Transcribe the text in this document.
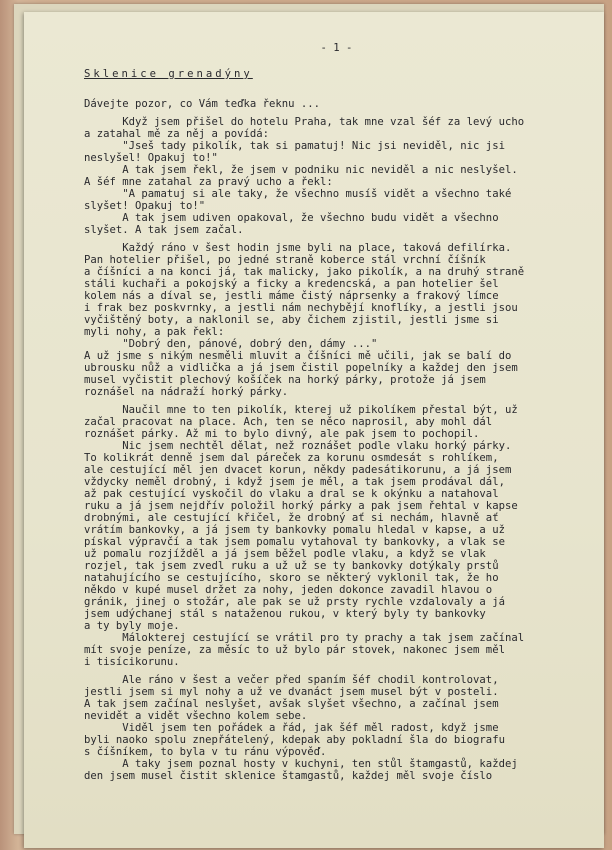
- 1 -
Sklenice grenadýny
Dávejte pozor, co Vám teďka řeknu ...
Když jsem přišel do hotelu Praha, tak mne vzal šéf za levý ucho
a zatahal mě za něj a povídá:
"Jseš tady pikolík, tak si pamatuj! Nic jsi neviděl, nic jsi
neslyšel! Opakuj to!"
A tak jsem řekl, že jsem v podniku nic neviděl a nic neslyšel.
A šéf mne zatahal za pravý ucho a řekl:
"A pamatuj si ale taky, že všechno musíš vidět a všechno také
slyšet! Opakuj to!"
A tak jsem udiven opakoval, že všechno budu vidět a všechno
slyšet. A tak jsem začal.
Každý ráno v šest hodin jsme byli na place, taková defilírka.
Pan hotelier přišel, po jedné straně koberce stál vrchní číšník
a číšníci a na konci já, tak malicky, jako pikolík, a na druhý straně
stáli kuchaři a pokojský a ficky a kredencská, a pan hotelier šel
kolem nás a díval se, jestli máme čistý náprsenky a frakový límce
i frak bez poskvrnky, a jestli nám nechybějí knoflíky, a jestli jsou
vyčištěný boty, a naklonil se, aby čichem zjistil, jestli jsme si
myli nohy, a pak řekl:
"Dobrý den, pánové, dobrý den, dámy ..."
A už jsme s nikým nesměli mluvit a číšníci mě učili, jak se balí do
ubrousku nůž a vidlička a já jsem čistil popelníky a každej den jsem
musel vyčistit plechový košíček na horký párky, protože já jsem
roznášel na nádraží horký párky.
Naučil mne to ten pikolík, kterej už pikolíkem přestal být, už
začal pracovat na place. Ach, ten se něco naprosil, aby mohl dál
roznášet párky. Až mi to bylo divný, ale pak jsem to pochopil.
Nic jsem nechtěl dělat, než roznášet podle vlaku horký párky.
To kolikrát denně jsem dal páreček za korunu osmdesát s rohlíkem,
ale cestující měl jen dvacet korun, někdy padesátikorunu, a já jsem
vždycky neměl drobný, i když jsem je měl, a tak jsem prodával dál,
až pak cestující vyskočil do vlaku a dral se k okýnku a natahoval
ruku a já jsem nejdřív položil horký párky a pak jsem řehtal v kapse
drobnými, ale cestující křičel, že drobný ať si nechám, hlavně ať
vrátím bankovky, a já jsem ty bankovky pomalu hledal v kapse, a už
pískal výpravčí a tak jsem pomalu vytahoval ty bankovky, a vlak se
už pomalu rozjížděl a já jsem běžel podle vlaku, a když se vlak
rozjel, tak jsem zvedl ruku a už už se ty bankovky dotýkaly prstů
natahujícího se cestujícího, skoro se některý vyklonil tak, že ho
někdo v kupé musel držet za nohy, jeden dokonce zavadil hlavou o
gránik, jinej o stožár, ale pak se už prsty rychle vzdalovaly a já
jsem udýchanej stál s nataženou rukou, v který byly ty bankovky
a ty byly moje.
Málokterej cestující se vrátil pro ty prachy a tak jsem začínal
mít svoje peníze, za měsíc to už bylo pár stovek, nakonec jsem měl
i tisícikorunu.
Ale ráno v šest a večer před spaním šéf chodil kontrolovat,
jestli jsem si myl nohy a už ve dvanáct jsem musel být v posteli.
A tak jsem začínal neslyšet, avšak slyšet všechno, a začínal jsem
nevidět a vidět všechno kolem sebe.
Viděl jsem ten pořádek a řád, jak šéf měl radost, když jsme
byli naoko spolu znepřátelený, kdepak aby pokladní šla do biografu
s číšníkem, to byla v tu ránu výpověď.
A taky jsem poznal hosty v kuchyni, ten stůl štamgastů, každej
den jsem musel čistit sklenice štamgastů, každej měl svoje číslo
